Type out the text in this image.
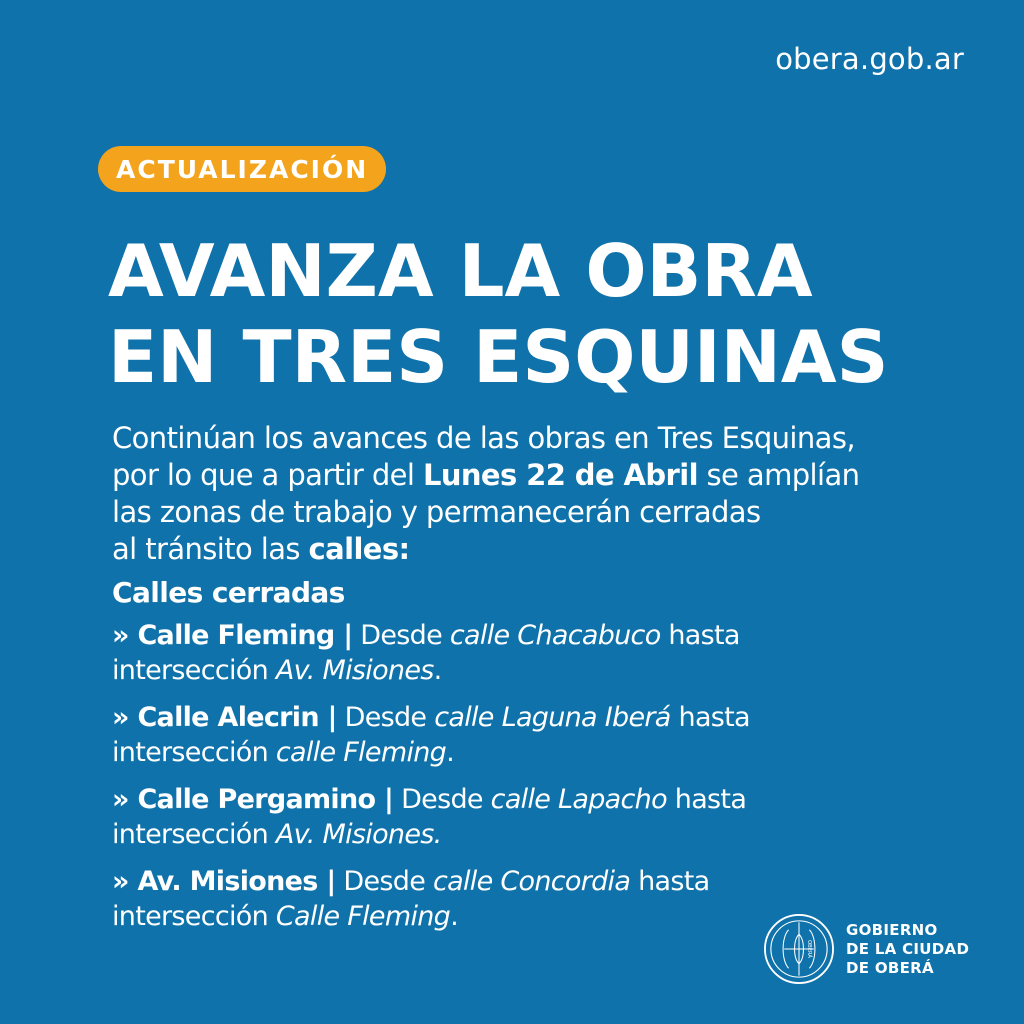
obera.gob.ar
ACTUALIZACIÓN
AVANZA LA OBRA
EN TRES ESQUINAS
Continúan los avances de las obras en Tres Esquinas,
por lo que a partir del Lunes 22 de Abril se amplían
las zonas de trabajo y permanecerán cerradas
al tránsito las calles:
Calles cerradas
» Calle Fleming | Desde calle Chacabuco hasta
intersección Av. Misiones.
» Calle Alecrin | Desde calle Laguna Iberá hasta
intersección calle Fleming.
» Calle Pergamino | Desde calle Lapacho hasta
intersección Av. Misiones.
» Av. Misiones | Desde calle Concordia hasta
intersección Calle Fleming.
OBERÁ
GOBIERNO
DE LA CIUDAD
DE OBERÁ
